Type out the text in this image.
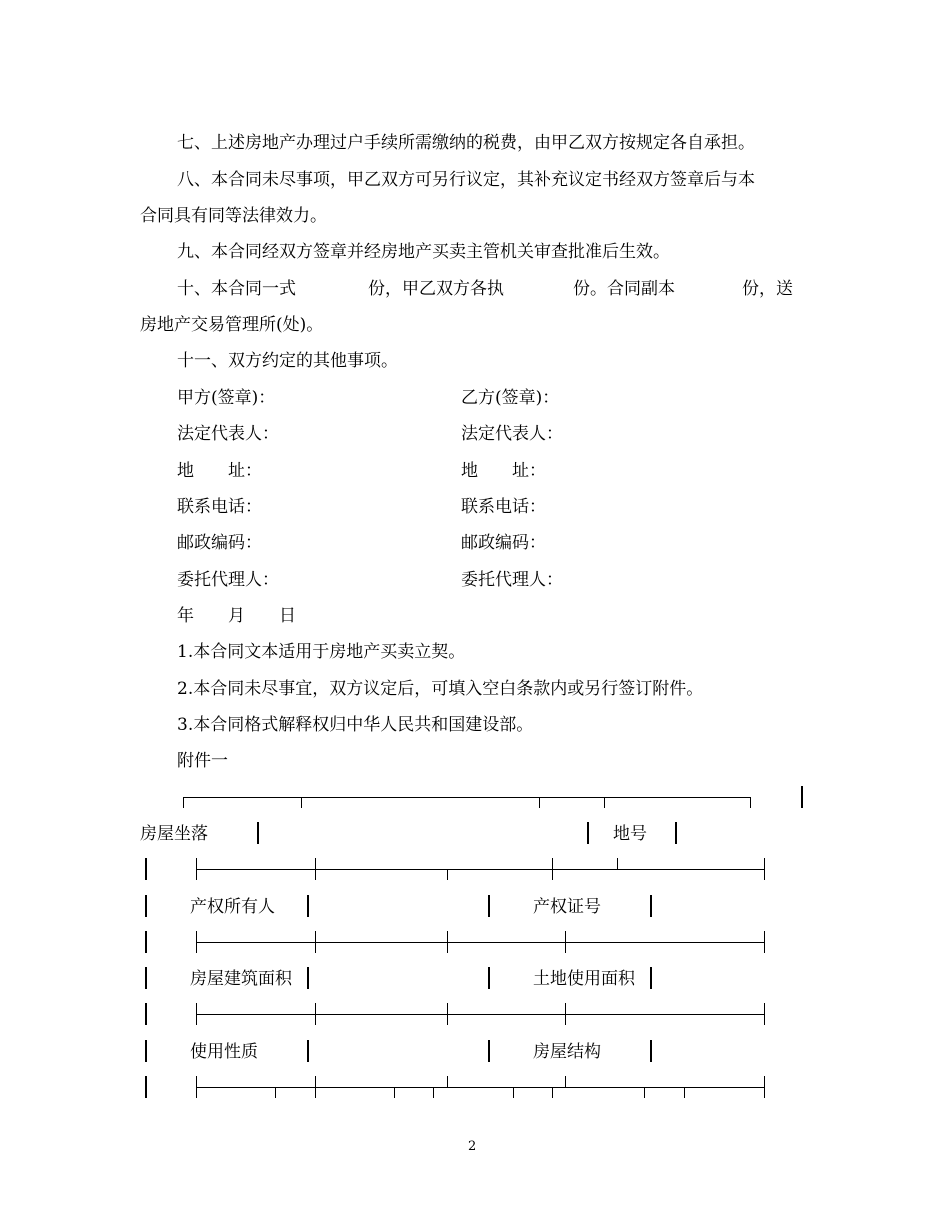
七、上述房地产办理过户手续所需缴纳的税费，由甲乙双方按规定各自承担。
八、本合同未尽事项，甲乙双方可另行议定，其补充议定书经双方签章后与本
合同具有同等法律效力。
九、本合同经双方签章并经房地产买卖主管机关审查批准后生效。
十、本合同一式	份，甲乙双方各执	份。合同副本	份，送
房地产交易管理所(处)。
十一、双方约定的其他事项。
甲方(签章)：	乙方(签章)：
法定代表人：	法定代表人：
地　　址：	地　　址：
联系电话：	联系电话：
邮政编码：	邮政编码：
委托代理人：	委托代理人：
年　　月　　日
1.本合同文本适用于房地产买卖立契。
2.本合同未尽事宜，双方议定后，可填入空白条款内或另行签订附件。
3.本合同格式解释权归中华人民共和国建设部。
附件一
房屋坐落	地号
产权所有人	产权证号
房屋建筑面积	土地使用面积
使用性质	房屋结构
2
